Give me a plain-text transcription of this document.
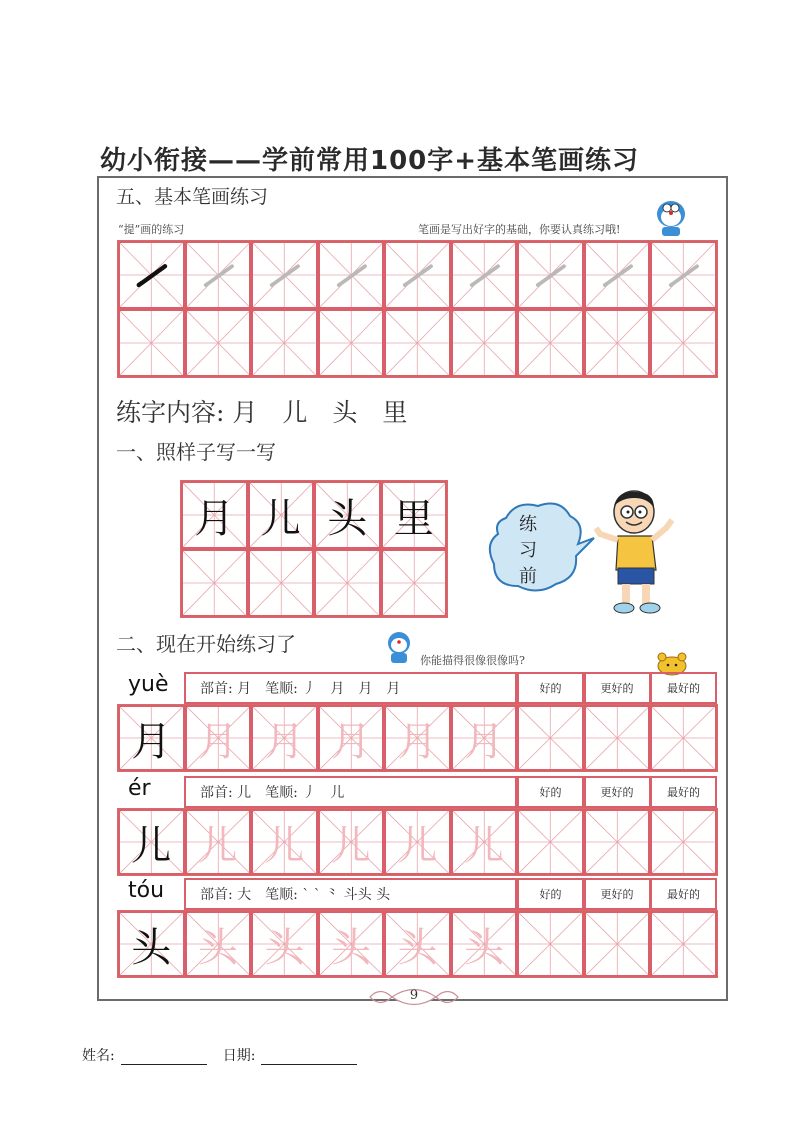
幼小衔接——学前常用100字+基本笔画练习
五、基本笔画练习
“提”画的练习	笔画是写出好字的基础，你要认真练习哦!
练字内容: 月　儿　头　里
一、照样子写一写
月 儿 头 里	练
习
前
二、现在开始练习了
你能描得很像很像吗?
yuè 部首: 月　笔顺: 丿　月　月　月	好的	更好的	最好的
月 月 月 月 月 月
ér	部首: 儿　笔顺: 丿　儿	好的	更好的	最好的
儿 儿 儿 儿 儿 儿
tóu	部首: 大　笔顺: ` ` ⺀ 斗头 头	好的	更好的	最好的
头 头 头 头 头 头
9
姓名:	日期:
